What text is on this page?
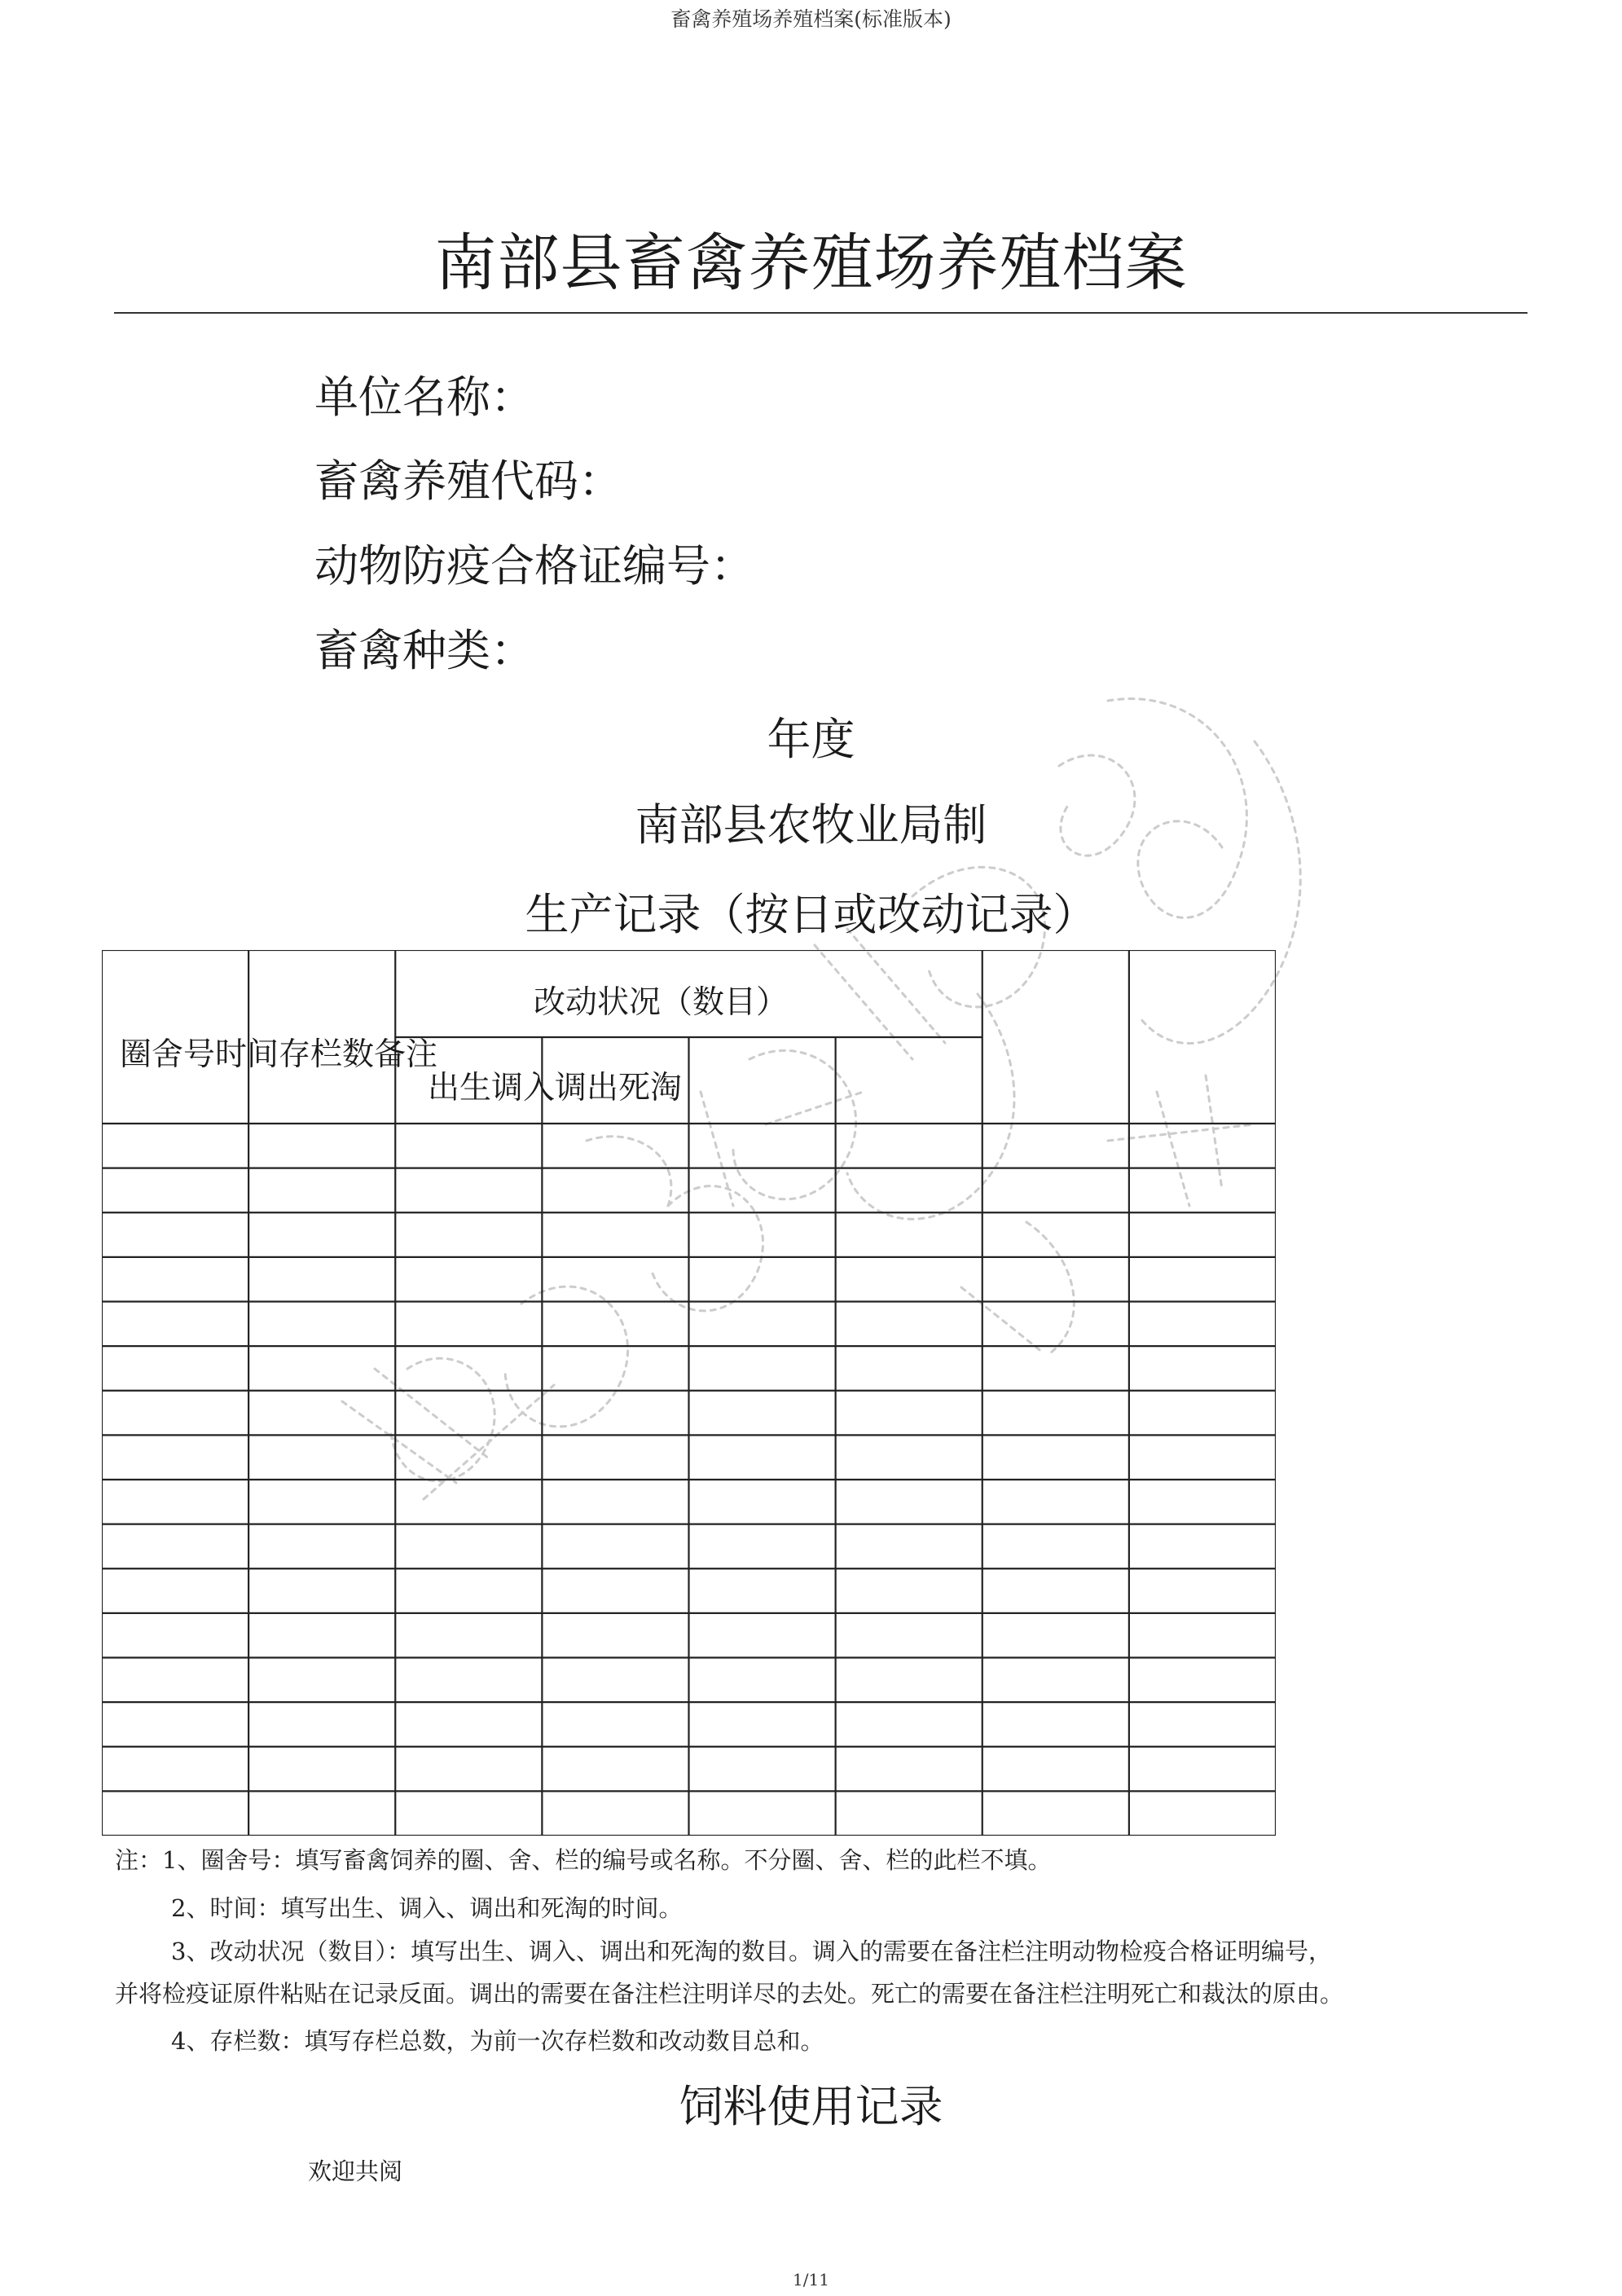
畜禽养殖场养殖档案(标准版本)
南部县畜禽养殖场养殖档案
单位名称：
畜禽养殖代码：
动物防疫合格证编号：
畜禽种类：
年度
南部县农牧业局制
生产记录（按日或改动记录）
圈舍号时间存栏数备注
改动状况（数目）
出生调入调出死淘
注：1、圈舍号：填写畜禽饲养的圈、舍、栏的编号或名称。不分圈、舍、栏的此栏不填。
2、时间：填写出生、调入、调出和死淘的时间。
3、改动状况（数目）：填写出生、调入、调出和死淘的数目。调入的需要在备注栏注明动物检疫合格证明编号，
并将检疫证原件粘贴在记录反面。调出的需要在备注栏注明详尽的去处。死亡的需要在备注栏注明死亡和裁汰的原由。
4、存栏数：填写存栏总数，为前一次存栏数和改动数目总和。
饲料使用记录
欢迎共阅
1/11
